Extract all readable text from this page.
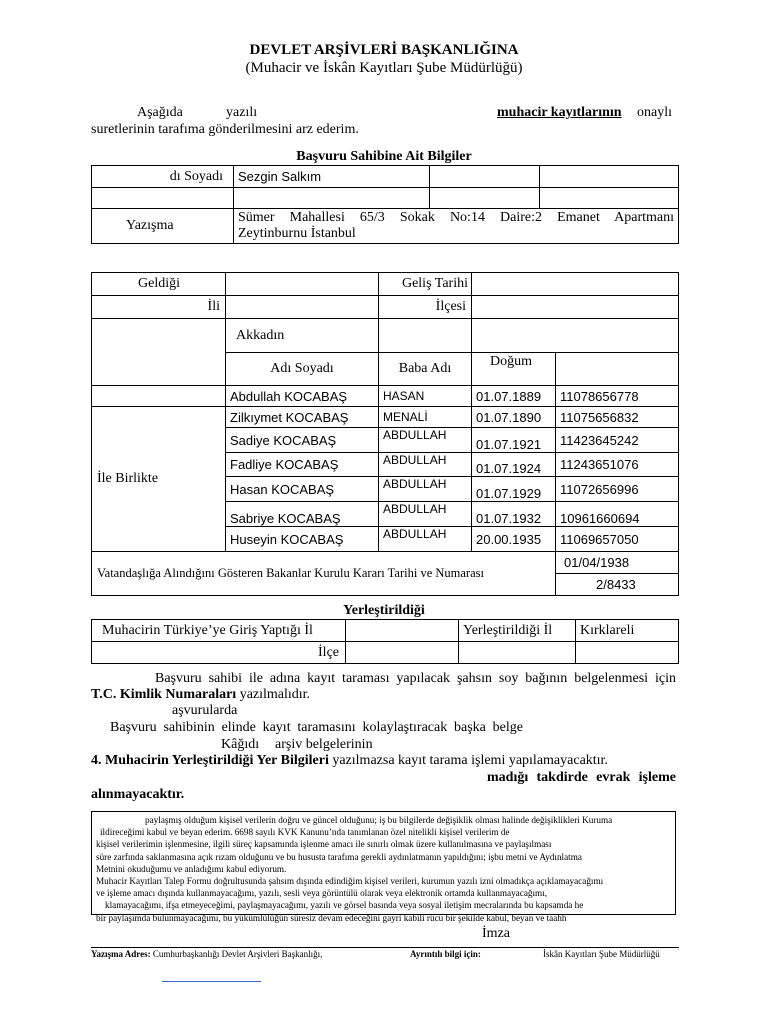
DEVLET ARŞİVLERİ BAŞKANLIĞINA
(Muhacir ve İskân Kayıtları Şube Müdürlüğü)
Aşağıda	yazılı	muhacir kayıtlarının onaylı
suretlerinin tarafıma gönderilmesini arz ederim.
Başvuru Sahibine Ait Bilgiler
dı Soyadı	Sezgin Salkım		

Yazışma	Sümer Mahallesi 65/3 Sokak No:14 Daire:2 Emanet Apartmanı
Zeytinburnu İstanbul		
Geldiği		Geliş Tarihi		
İli		İlçesi		
	Akkadın			
	Adı Soyadı	Baba Adı	Doğum	
	Abdullah KOCABAŞ	HASAN	01.07.1889	11078656778
İle Birlikte	Zilkıymet KOCABAŞ	MENALİ	01.07.1890	11075656832
	Sadiye KOCABAŞ	ABDULLAH	01.07.1921	11423645242
	Fadliye KOCABAŞ	ABDULLAH	01.07.1924	11243651076
	Hasan KOCABAŞ	ABDULLAH	01.07.1929	11072656996
	Sabriye KOCABAŞ	ABDULLAH	01.07.1932	10961660694
	Huseyin KOCABAŞ	ABDULLAH	20.00.1935	11069657050
Vatandaşlığa Alındığını Gösteren Bakanlar Kurulu Kararı Tarihi ve Numarası				01/04/1938
				2/8433
Yerleştirildiği
Muhacirin Türkiye’ye Giriş Yaptığı İl		Yerleştirildiği İl	Kırklareli
İlçe			
Başvuru sahibi ile adına kayıt taraması yapılacak şahsın soy bağının belgelenmesi için
T.C. Kimlik Numaraları yazılmalıdır.
aşvurularda
Başvuru sahibinin elinde kayıt taramasını kolaylaştıracak başka belge
Kâğıdı arşiv belgelerinin
4. Muhacirin Yerleştirildiği Yer Bilgileri yazılmazsa kayıt tarama işlemi yapılamayacaktır.
madığı takdirde evrak işleme
alınmayacaktır.
paylaşmış olduğum kişisel verilerin doğru ve güncel olduğunu; iş bu bilgilerde değişiklik olması halinde değişiklikleri Kuruma
ildireceğimi kabul ve beyan ederim. 6698 sayılı KVK Kanunu’nda tanımlanan özel nitelikli kişisel verilerim de
kişisel verilerimin işlenmesine, ilgili süreç kapsamında işlenme amacı ile sınırlı olmak üzere kullanılmasına ve paylaşılması
süre zarfında saklanmasına açık rızam olduğunu ve bu hususta tarafıma gerekli aydınlatmanın yapıldığını; işbu metni ve Aydınlatma
Metnini okuduğumu ve anladığımı kabul ediyorum.
Muhacir Kayıtları Talep Formu doğrultusunda şahsım dışında edindiğim kişisel verileri, kurumun yazılı izni olmadıkça açıklamayacağımı
ve işleme amacı dışında kullanmayacağımı, yazılı, sesli veya görüntülü olarak veya elektronik ortamda kullanmayacağımı,
klamayacağımı, ifşa etmeyeceğimi, paylaşmayacağımı, yazılı ve görsel basında veya sosyal iletişim mecralarında bu kapsamda he
bir paylaşımda bulunmayacağımı, bu yükümlülüğün süresiz devam edeceğini gayri kabili rücu bir şekilde kabul, beyan ve taahh
İmza
Yazışma Adres: Cumhurbaşkanlığı Devlet Arşivleri Başkanlığı,	Ayrıntılı bilgi için:	İskân Kayıtları Şube Müdürlüğü
